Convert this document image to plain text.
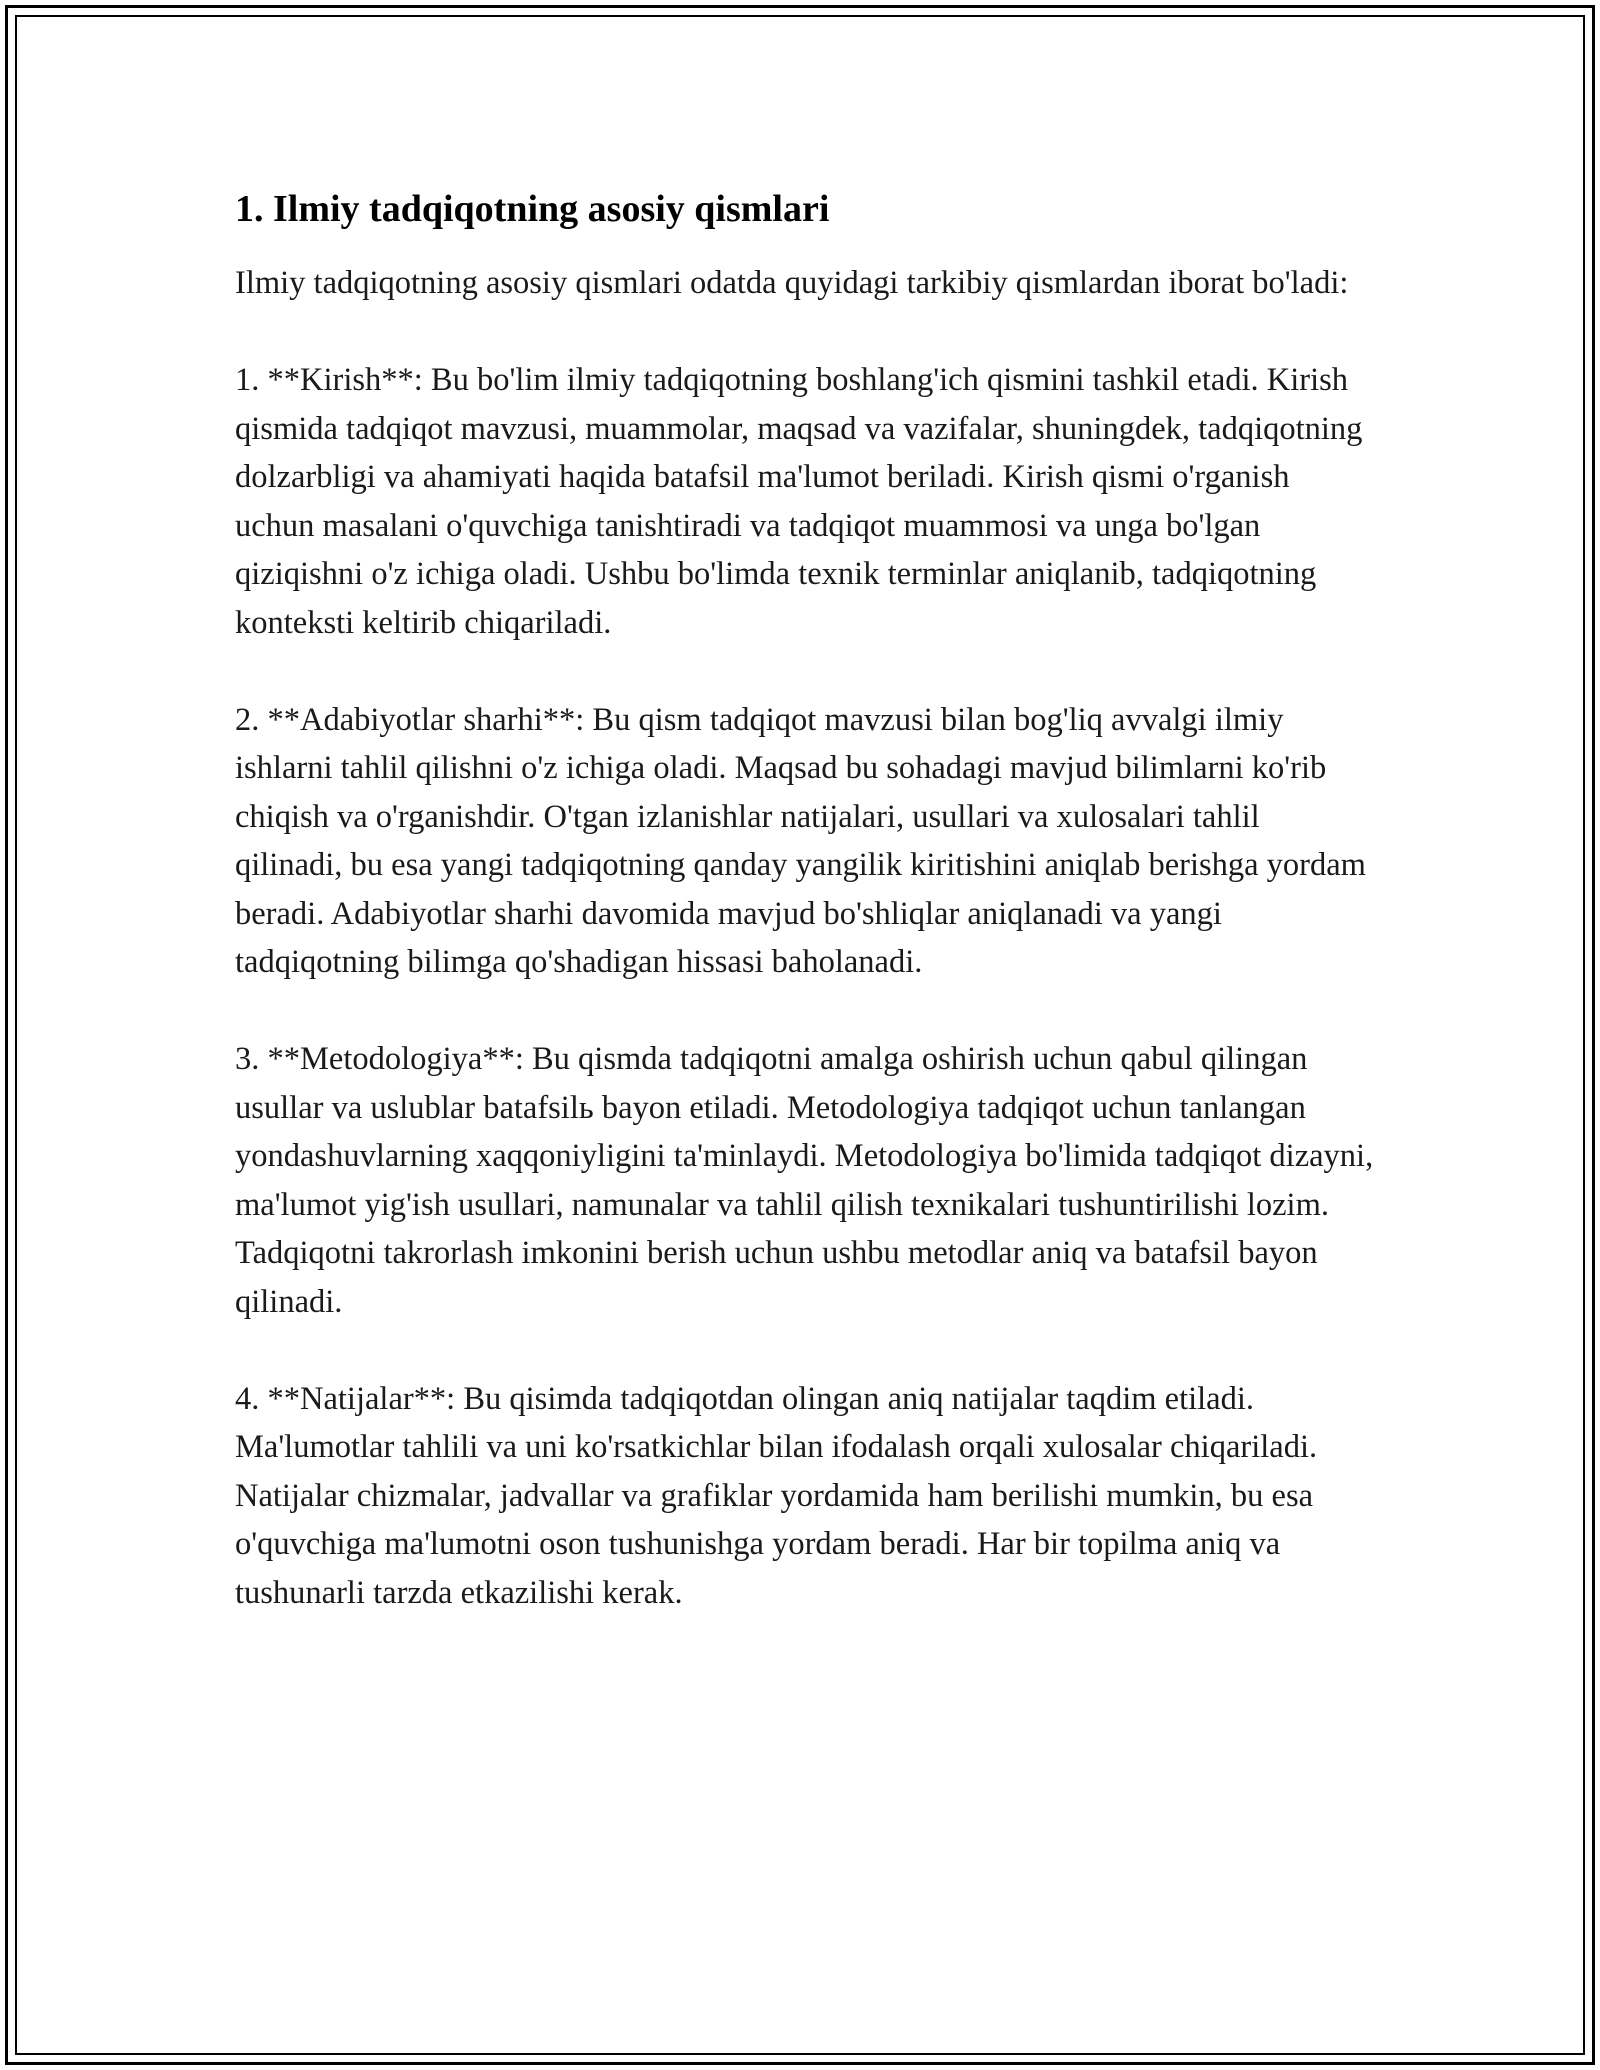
1. Ilmiy tadqiqotning asosiy qismlari

Ilmiy tadqiqotning asosiy qismlari odatda quyidagi tarkibiy qismlardan iborat bo'ladi:

1. **Kirish**: Bu bo'lim ilmiy tadqiqotning boshlang'ich qismini tashkil etadi. Kirish qismida tadqiqot mavzusi, muammolar, maqsad va vazifalar, shuningdek, tadqiqotning dolzarbligi va ahamiyati haqida batafsil ma'lumot beriladi. Kirish qismi o'rganish uchun masalani o'quvchiga tanishtiradi va tadqiqot muammosi va unga bo'lgan qiziqishni o'z ichiga oladi. Ushbu bo'limda texnik terminlar aniqlanib, tadqiqotning konteksti keltirib chiqariladi.

2. **Adabiyotlar sharhi**: Bu qism tadqiqot mavzusi bilan bog'liq avvalgi ilmiy ishlarni tahlil qilishni o'z ichiga oladi. Maqsad bu sohadagi mavjud bilimlarni ko'rib chiqish va o'rganishdir. O'tgan izlanishlar natijalari, usullari va xulosalari tahlil qilinadi, bu esa yangi tadqiqotning qanday yangilik kiritishini aniqlab berishga yordam beradi. Adabiyotlar sharhi davomida mavjud bo'shliqlar aniqlanadi va yangi tadqiqotning bilimga qo'shadigan hissasi baholanadi.

3. **Metodologiya**: Bu qismda tadqiqotni amalga oshirish uchun qabul qilingan usullar va uslublar batafsilь bayon etiladi. Metodologiya tadqiqot uchun tanlangan yondashuvlarning xaqqoniyligini ta'minlaydi. Metodologiya bo'limida tadqiqot dizayni, ma'lumot yig'ish usullari, namunalar va tahlil qilish texnikalari tushuntirilishi lozim. Tadqiqotni takrorlash imkonini berish uchun ushbu metodlar aniq va batafsil bayon qilinadi.

4. **Natijalar**: Bu qisimda tadqiqotdan olingan aniq natijalar taqdim etiladi. Ma'lumotlar tahlili va uni ko'rsatkichlar bilan ifodalash orqali xulosalar chiqariladi. Natijalar chizmalar, jadvallar va grafiklar yordamida ham berilishi mumkin, bu esa o'quvchiga ma'lumotni oson tushunishga yordam beradi. Har bir topilma aniq va tushunarli tarzda etkazilishi kerak.
